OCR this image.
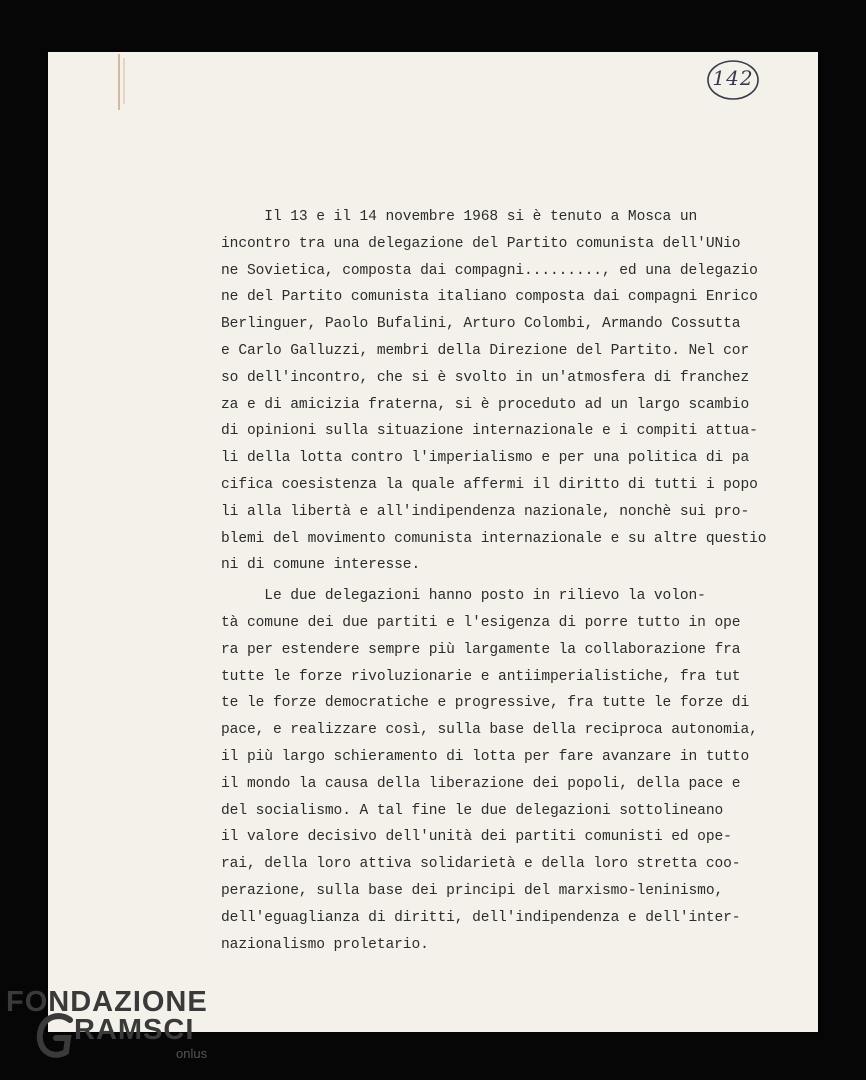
142
Il 13 e il 14 novembre 1968 si è tenuto a Mosca un
incontro tra una delegazione del Partito comunista dell'UNio
ne Sovietica, composta dai compagni........., ed una delegazio
ne del Partito comunista italiano composta dai compagni Enrico
Berlinguer, Paolo Bufalini, Arturo Colombi, Armando Cossutta
e Carlo Galluzzi, membri della Direzione del Partito. Nel cor
so dell'incontro, che si è svolto in un'atmosfera di franchez
za e di amicizia fraterna, si è proceduto ad un largo scambio
di opinioni sulla situazione internazionale e i compiti attua-
li della lotta contro l'imperialismo e per una politica di pa
cifica coesistenza la quale affermi il diritto di tutti i popo
li alla libertà e all'indipendenza nazionale, nonchè sui pro-
blemi del movimento comunista internazionale e su altre questio
ni di comune interesse.
Le due delegazioni hanno posto in rilievo la volon-
tà comune dei due partiti e l'esigenza di porre tutto in ope
ra per estendere sempre più largamente la collaborazione fra
tutte le forze rivoluzionarie e antiimperialistiche, fra tut
te le forze democratiche e progressive, fra tutte le forze di
pace, e realizzare così, sulla base della reciproca autonomia,
il più largo schieramento di lotta per fare avanzare in tutto
il mondo la causa della liberazione dei popoli, della pace e
del socialismo. A tal fine le due delegazioni sottolineano
il valore decisivo dell'unità dei partiti comunisti ed ope-
rai, della loro attiva solidarietà e della loro stretta coo-
perazione, sulla base dei principi del marxismo-leninismo,
dell'eguaglianza di diritti, dell'indipendenza e dell'inter-
nazionalismo proletario.
FONDAZIONE
RAMSCI
onlus
